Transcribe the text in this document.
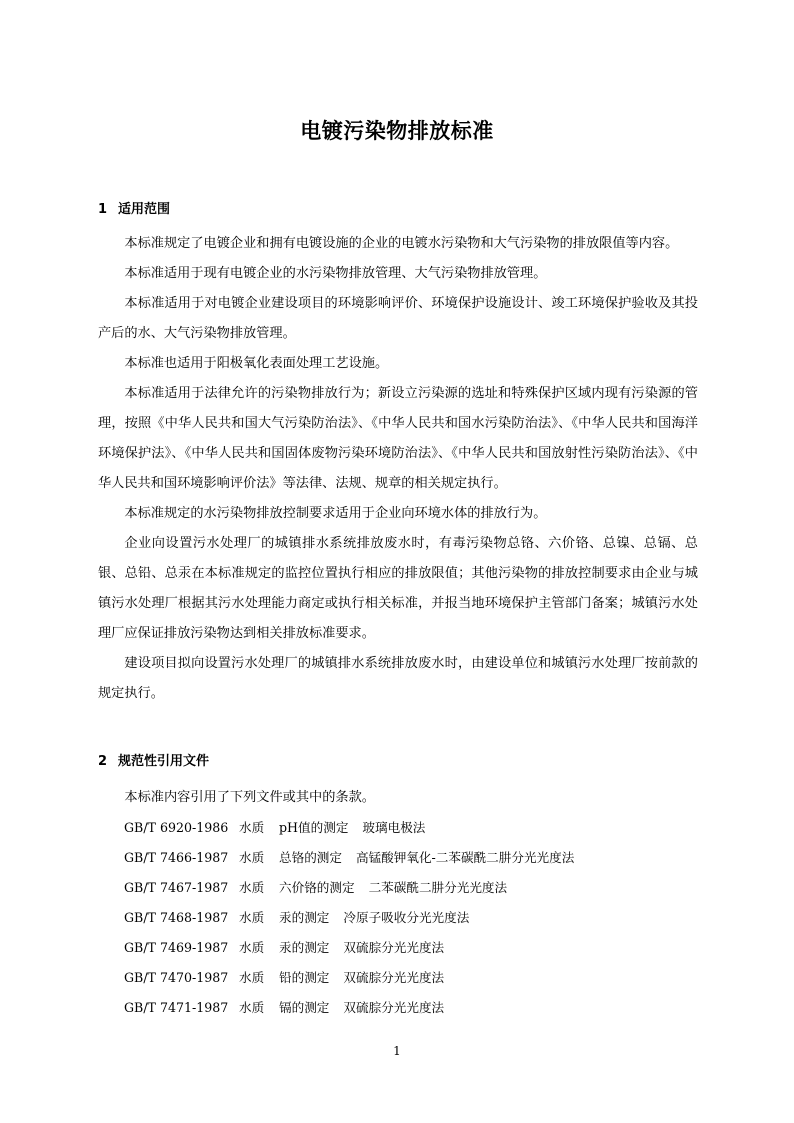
电镀污染物排放标准
1 适用范围

本标准规定了电镀企业和拥有电镀设施的企业的电镀水污染物和大气污染物的排放限值等内容。

本标准适用于现有电镀企业的水污染物排放管理、大气污染物排放管理。

本标准适用于对电镀企业建设项目的环境影响评价、环境保护设施设计、竣工环境保护验收及其投产后的水、大气污染物排放管理。

本标准也适用于阳极氧化表面处理工艺设施。

本标准适用于法律允许的污染物排放行为；新设立污染源的选址和特殊保护区域内现有污染源的管理，按照《中华人民共和国大气污染防治法》、《中华人民共和国水污染防治法》、《中华人民共和国海洋环境保护法》、《中华人民共和国固体废物污染环境防治法》、《中华人民共和国放射性污染防治法》、《中华人民共和国环境影响评价法》等法律、法规、规章的相关规定执行。

本标准规定的水污染物排放控制要求适用于企业向环境水体的排放行为。

企业向设置污水处理厂的城镇排水系统排放废水时，有毒污染物总铬、六价铬、总镍、总镉、总银、总铅、总汞在本标准规定的监控位置执行相应的排放限值；其他污染物的排放控制要求由企业与城镇污水处理厂根据其污水处理能力商定或执行相关标准，并报当地环境保护主管部门备案；城镇污水处理厂应保证排放污染物达到相关排放标准要求。

建设项目拟向设置污水处理厂的城镇排水系统排放废水时，由建设单位和城镇污水处理厂按前款的规定执行。

2 规范性引用文件

本标准内容引用了下列文件或其中的条款。

GB/T 6920-1986 水质	pH值的测定 玻璃电极法
GB/T 7466-1987 水质	总铬的测定 高锰酸钾氧化-二苯碳酰二肼分光光度法
GB/T 7467-1987 水质	六价铬的测定 二苯碳酰二肼分光光度法
GB/T 7468-1987 水质	汞的测定 冷原子吸收分光光度法
GB/T 7469-1987 水质	汞的测定 双硫腙分光光度法
GB/T 7470-1987 水质	铅的测定 双硫腙分光光度法
GB/T 7471-1987 水质	镉的测定 双硫腙分光光度法
1
